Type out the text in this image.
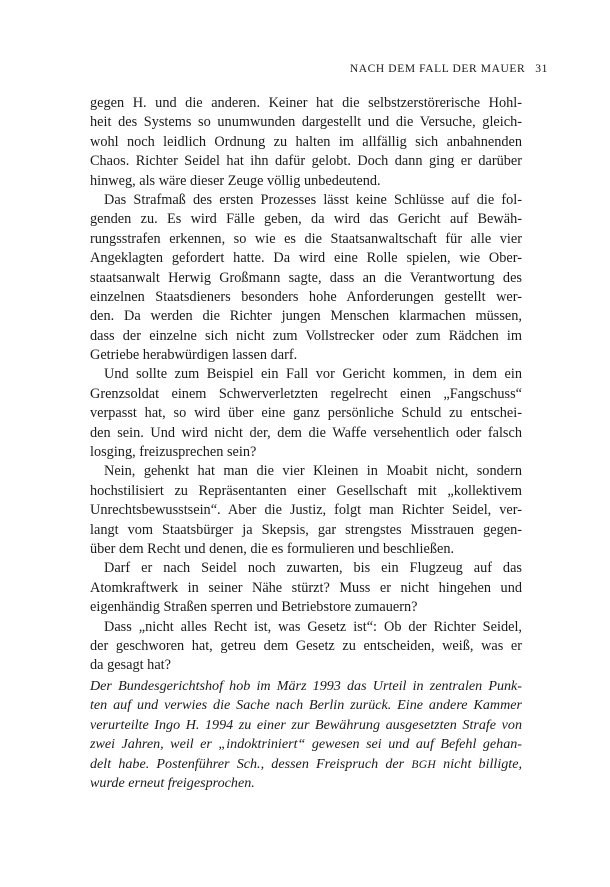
NACH DEM FALL DER MAUER 31
gegen H. und die anderen. Keiner hat die selbstzerstörerische Hohl-
heit des Systems so unumwunden dargestellt und die Versuche, gleich-
wohl noch leidlich Ordnung zu halten im allfällig sich anbahnenden
Chaos. Richter Seidel hat ihn dafür gelobt. Doch dann ging er darüber
hinweg, als wäre dieser Zeuge völlig unbedeutend.
Das Strafmaß des ersten Prozesses lässt keine Schlüsse auf die fol-
genden zu. Es wird Fälle geben, da wird das Gericht auf Bewäh-
rungsstrafen erkennen, so wie es die Staatsanwaltschaft für alle vier
Angeklagten gefordert hatte. Da wird eine Rolle spielen, wie Ober-
staatsanwalt Herwig Großmann sagte, dass an die Verantwortung des
einzelnen Staatsdieners besonders hohe Anforderungen gestellt wer-
den. Da werden die Richter jungen Menschen klarmachen müssen,
dass der einzelne sich nicht zum Vollstrecker oder zum Rädchen im
Getriebe herabwürdigen lassen darf.
Und sollte zum Beispiel ein Fall vor Gericht kommen, in dem ein
Grenzsoldat einem Schwerverletzten regelrecht einen „Fangschuss“
verpasst hat, so wird über eine ganz persönliche Schuld zu entschei-
den sein. Und wird nicht der, dem die Waffe versehentlich oder falsch
losging, freizusprechen sein?
Nein, gehenkt hat man die vier Kleinen in Moabit nicht, sondern
hochstilisiert zu Repräsentanten einer Gesellschaft mit „kollektivem
Unrechtsbewusstsein“. Aber die Justiz, folgt man Richter Seidel, ver-
langt vom Staatsbürger ja Skepsis, gar strengstes Misstrauen gegen-
über dem Recht und denen, die es formulieren und beschließen.
Darf er nach Seidel noch zuwarten, bis ein Flugzeug auf das
Atomkraftwerk in seiner Nähe stürzt? Muss er nicht hingehen und
eigenhändig Straßen sperren und Betriebstore zumauern?
Dass „nicht alles Recht ist, was Gesetz ist“: Ob der Richter Seidel,
der geschworen hat, getreu dem Gesetz zu entscheiden, weiß, was er
da gesagt hat?
Der Bundesgerichtshof hob im März 1993 das Urteil in zentralen Punk-
ten auf und verwies die Sache nach Berlin zurück. Eine andere Kammer
verurteilte Ingo H. 1994 zu einer zur Bewährung ausgesetzten Strafe von
zwei Jahren, weil er „indoktriniert“ gewesen sei und auf Befehl gehan-
delt habe. Postenführer Sch., dessen Freispruch der BGH nicht billigte,
wurde erneut freigesprochen.
